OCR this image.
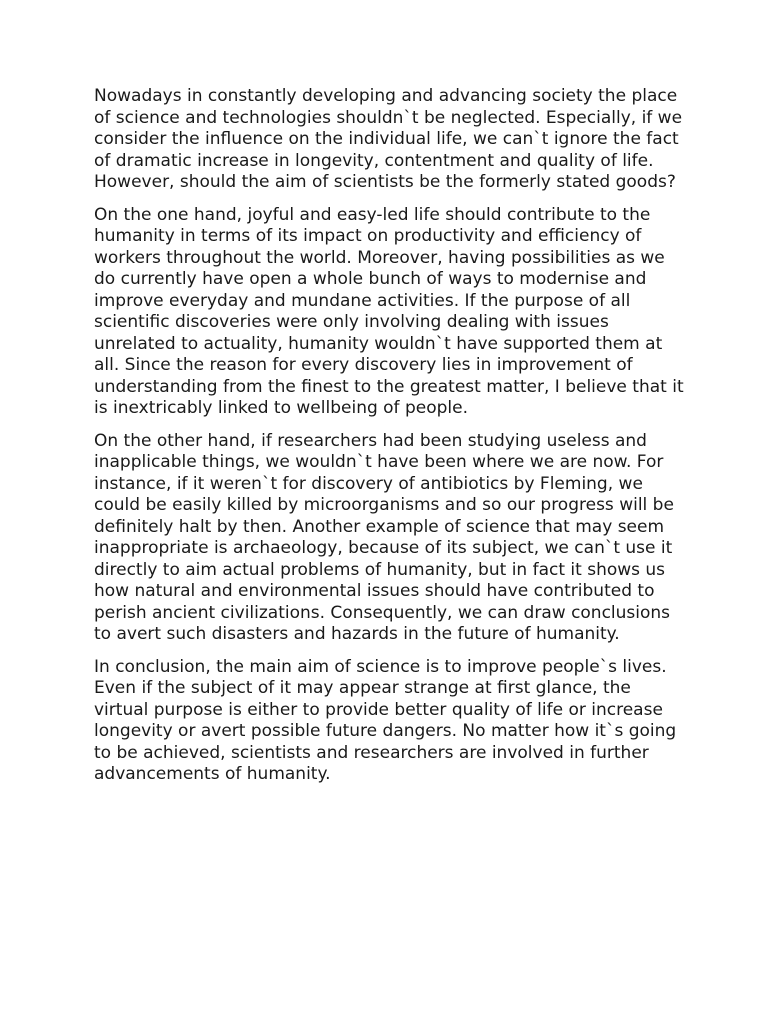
Nowadays in constantly developing and advancing society the place of science and technologies shouldn`t be neglected. Especially, if we consider the influence on the individual life, we can`t ignore the fact of dramatic increase in longevity, contentment and quality of life. However, should the aim of scientists be the formerly stated goods?

On the one hand, joyful and easy-led life should contribute to the humanity in terms of its impact on productivity and efficiency of workers throughout the world. Moreover, having possibilities as we do currently have open a whole bunch of ways to modernise and improve everyday and mundane activities. If the purpose of all scientific discoveries were only involving dealing with issues unrelated to actuality, humanity wouldn`t have supported them at all. Since the reason for every discovery lies in improvement of understanding from the finest to the greatest matter, I believe that it is inextricably linked to wellbeing of people.

On the other hand, if researchers had been studying useless and inapplicable things, we wouldn`t have been where we are now. For instance, if it weren`t for discovery of antibiotics by Fleming, we could be easily killed by microorganisms and so our progress will be definitely halt by then. Another example of science that may seem inappropriate is archaeology, because of its subject, we can`t use it directly to aim actual problems of humanity, but in fact it shows us how natural and environmental issues should have contributed to perish ancient civilizations. Consequently, we can draw conclusions to avert such disasters and hazards in the future of humanity.

In conclusion, the main aim of science is to improve people`s lives. Even if the subject of it may appear strange at first glance, the virtual purpose is either to provide better quality of life or increase longevity or avert possible future dangers. No matter how it`s going to be achieved, scientists and researchers are involved in further advancements of humanity.
